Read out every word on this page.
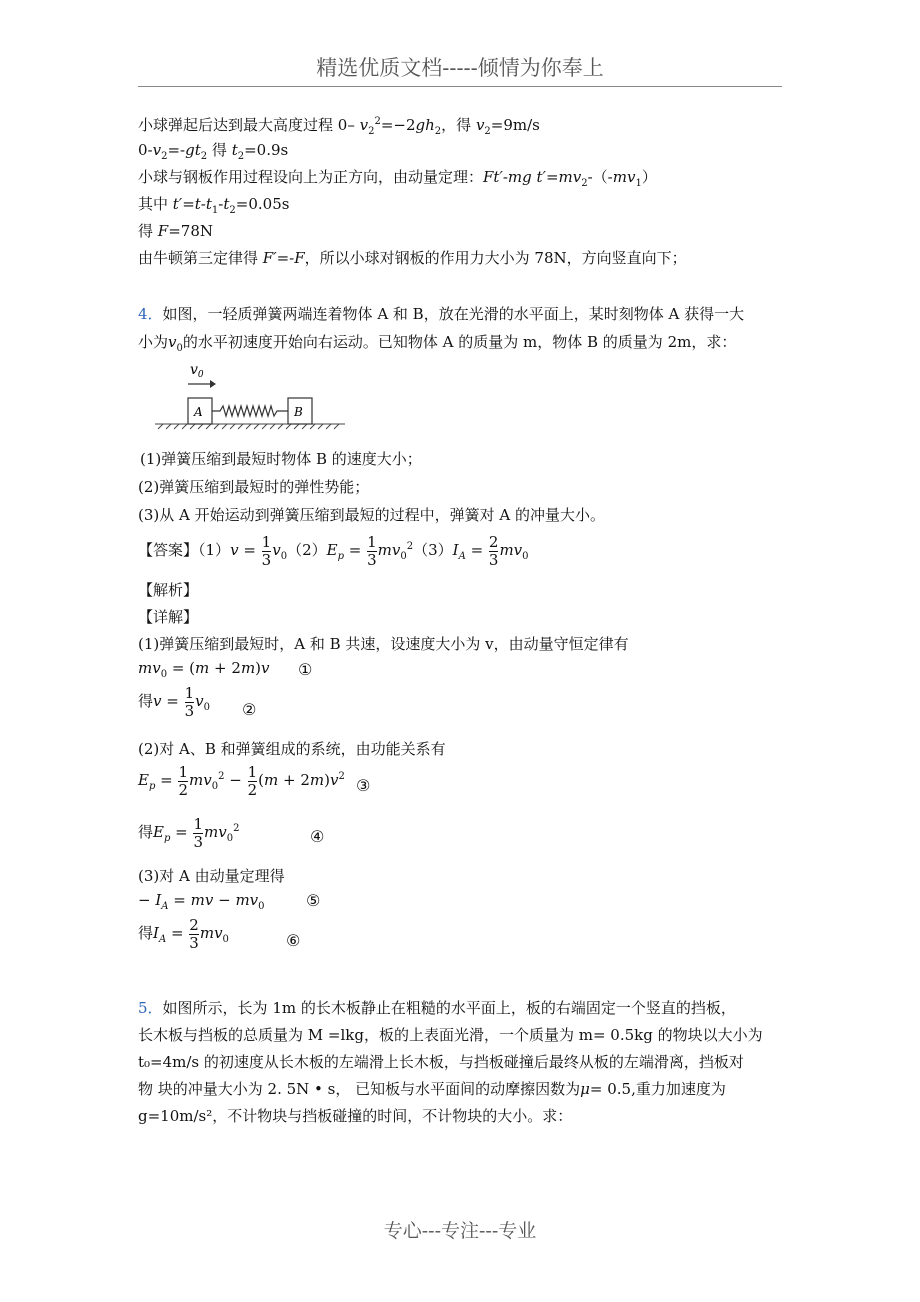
精选优质文档-----倾情为你奉上
小球弹起后达到最大高度过程 0– $v_2^2=-2gh_2$，得 $v_2=9m/s$
$0-v_2=-gt_2$ 得 $t_2=0.9s$
小球与钢板作用过程设向上为正方向，由动量定理：Ft′-mg $t'=mv_2-(-mv_1)$
其中 $t'=t-t_1-t_2=0.05s$
得 F=78N
由牛顿第三定律得 F′=-F，所以小球对钢板的作用力大小为 78N，方向竖直向下；
4．如图，一轻质弹簧两端连着物体 A 和 B，放在光滑的水平面上，某时刻物体 A 获得一大
小为$v_0$的水平初速度开始向右运动。已知物体 A 的质量为 m，物体 B 的质量为 2m，求：
$v_0$
A	B
(1)弹簧压缩到最短时物体 B 的速度大小；
(2)弹簧压缩到最短时的弹性势能；
(3)从 A 开始运动到弹簧压缩到最短的过程中，弹簧对 A 的冲量大小。
【答案】$(1)v = \frac{1}{3} v_0(2)E_p = \frac{1}{3} mv_0^2(3)I_A = \frac{2}{3} mv_0$
【解析】
【详解】
(1)弹簧压缩到最短时，A 和 B 共速，设速度大小为 v，由动量守恒定律有
$mv_0 = (m + 2m)v$ ①
得$v = \frac{1}{3} v_0$ ②
(2)对 A、B 和弹簧组成的系统，由功能关系有
$E_p = \frac{1}{2} mv_0^2 - \frac{1}{2} (m + 2m)v^2$ ③
得$E_p = \frac{1}{3} mv_0^2$	④
(3)对 A 由动量定理得
− $I_A$ = mv − $mv_0$	⑤
得$I_A = \frac{2}{3} mv_0$	⑥
5．如图所示，长为 1m 的长木板静止在粗糙的水平面上，板的右端固定一个竖直的挡板，
长木板与挡板的总质量为 M =lkg，板的上表面光滑，一个质量为 m= 0.5kg 的物块以大小为
t₀=4m/s 的初速度从长木板的左端滑上长木板，与挡板碰撞后最终从板的左端滑离，挡板对
物 块的冲量大小为 2. 5N • s， 已知板与水平面间的动摩擦因数为μ= 0.5,重力加速度为
g=10m/s²，不计物块与挡板碰撞的时间，不计物块的大小。求：
专心---专注---专业
